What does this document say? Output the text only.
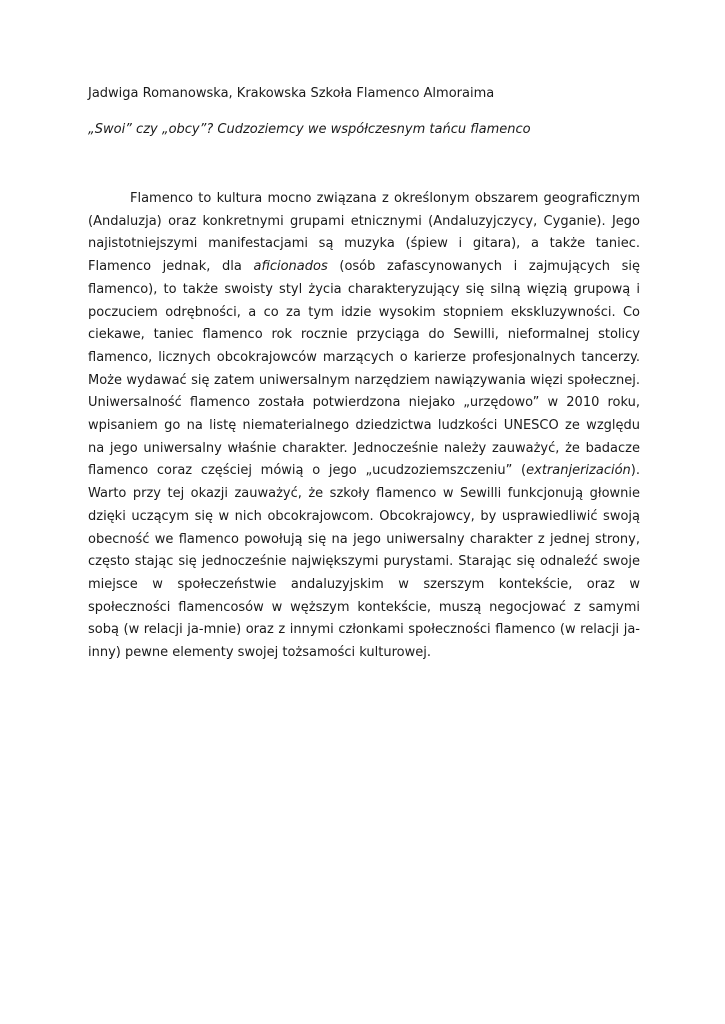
Jadwiga Romanowska, Krakowska Szkoła Flamenco Almoraima
„Swoi” czy „obcy”? Cudzoziemcy we współczesnym tańcu flamenco

Flamenco to kultura mocno związana z określonym obszarem geograficznym (Andaluzja) oraz konkretnymi grupami etnicznymi (Andaluzyjczycy, Cyganie). Jego najistotniejszymi manifestacjami są muzyka (śpiew i gitara), a także taniec. Flamenco jednak, dla aficionados (osób zafascynowanych i zajmujących się flamenco), to także swoisty styl życia charakteryzujący się silną więzią grupową i poczuciem odrębności, a co za tym idzie wysokim stopniem ekskluzywności. Co ciekawe, taniec flamenco rok rocznie przyciąga do Sewilli, nieformalnej stolicy flamenco, licznych obcokrajowców marzących o karierze profesjonalnych tancerzy. Może wydawać się zatem uniwersalnym narzędziem nawiązywania więzi społecznej. Uniwersalność flamenco została potwierdzona niejako „urzędowo” w 2010 roku, wpisaniem go na listę niematerialnego dziedzictwa ludzkości UNESCO ze względu na jego uniwersalny właśnie charakter. Jednocześnie należy zauważyć, że badacze flamenco coraz częściej mówią o jego „ucudzoziemszczeniu” (extranjerización). Warto przy tej okazji zauważyć, że szkoły flamenco w Sewilli funkcjonują głownie dzięki uczącym się w nich obcokrajowcom. Obcokrajowcy, by usprawiedliwić swoją obecność we flamenco powołują się na jego uniwersalny charakter z jednej strony, często stając się jednocześnie największymi purystami. Starając się odnaleźć swoje miejsce w społeczeństwie andaluzyjskim w szerszym kontekście, oraz w społeczności flamencosów w węższym kontekście, muszą negocjować z samymi sobą (w relacji ja-mnie) oraz z innymi członkami społeczności flamenco (w relacji ja-inny) pewne elementy swojej tożsamości kulturowej.
